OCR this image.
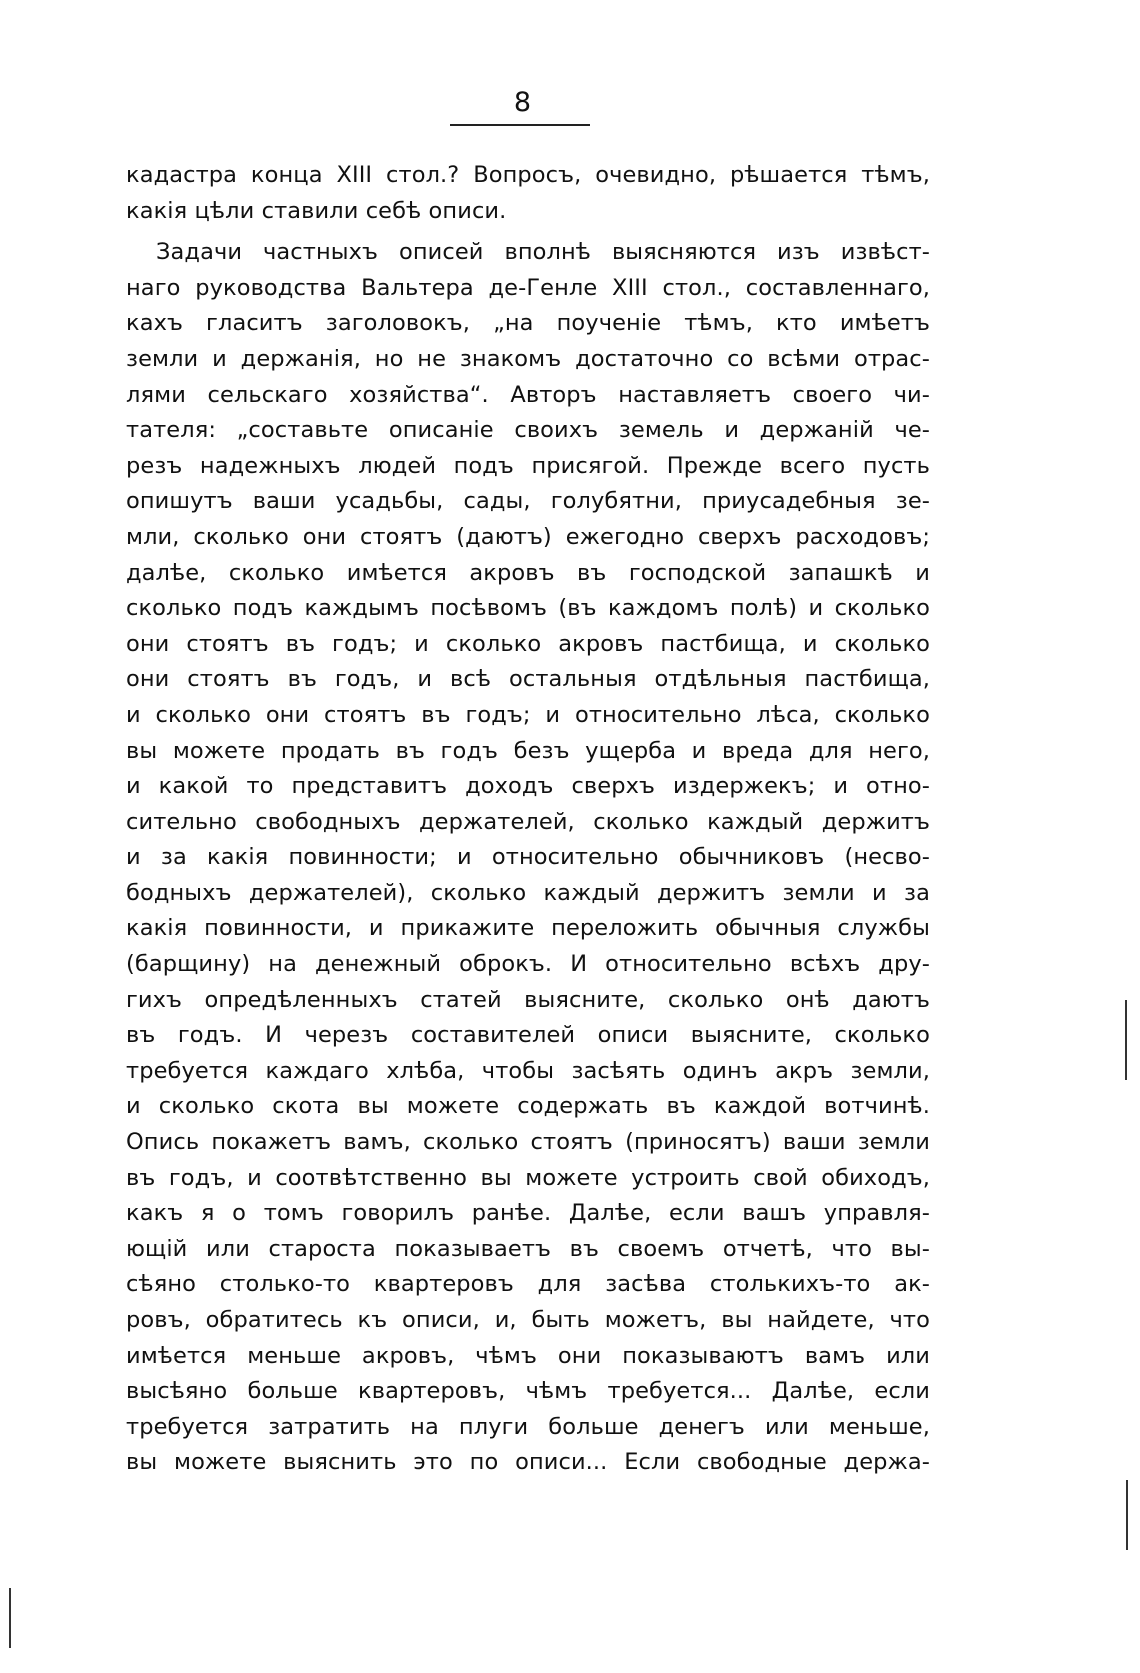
8
кадастра конца XIII стол.? Вопросъ, очевидно, рѣшается тѣмъ,
какія цѣли ставили себѣ описи.
Задачи частныхъ описей вполнѣ выясняются изъ извѣст-
наго руководства Вальтера де-Генле XIII стол., составленнаго,
кахъ гласитъ заголовокъ, „на поученіе тѣмъ, кто имѣетъ
земли и держанія, но не знакомъ достаточно со всѣми отрас-
лями сельскаго хозяйства“. Авторъ наставляетъ своего чи-
тателя: „составьте описаніе своихъ земель и держаній че-
резъ надежныхъ людей подъ присягой. Прежде всего пусть
опишутъ ваши усадьбы, сады, голубятни, приусадебныя зе-
мли, сколько они стоятъ (даютъ) ежегодно сверхъ расходовъ;
далѣе, сколько имѣется акровъ въ господской запашкѣ и
сколько подъ каждымъ посѣвомъ (въ каждомъ полѣ) и сколько
они стоятъ въ годъ; и сколько акровъ пастбища, и сколько
они стоятъ въ годъ, и всѣ остальныя отдѣльныя пастбища,
и сколько они стоятъ въ годъ; и относительно лѣса, сколько
вы можете продать въ годъ безъ ущерба и вреда для него,
и какой то представитъ доходъ сверхъ издержекъ; и отно-
сительно свободныхъ держателей, сколько каждый держитъ
и за какія повинности; и относительно обычниковъ (несво-
бодныхъ держателей), сколько каждый держитъ земли и за
какія повинности, и прикажите переложить обычныя службы
(барщину) на денежный оброкъ. И относительно всѣхъ дру-
гихъ опредѣленныхъ статей выясните, сколько онѣ даютъ
въ годъ. И черезъ составителей описи выясните, сколько
требуется каждаго хлѣба, чтобы засѣять одинъ акръ земли,
и сколько скота вы можете содержать въ каждой вотчинѣ.
Опись покажетъ вамъ, сколько стоятъ (приносятъ) ваши земли
въ годъ, и соотвѣтственно вы можете устроить свой обиходъ,
какъ я о томъ говорилъ ранѣе. Далѣе, если вашъ управля-
ющій или староста показываетъ въ своемъ отчетѣ, что вы-
сѣяно столько-то квартеровъ для засѣва столькихъ-то ак-
ровъ, обратитесь къ описи, и, быть можетъ, вы найдете, что
имѣется меньше акровъ, чѣмъ они показываютъ вамъ или
высѣяно больше квартеровъ, чѣмъ требуется... Далѣе, если
требуется затратить на плуги больше денегъ или меньше,
вы можете выяснить это по описи... Если свободные держа-
